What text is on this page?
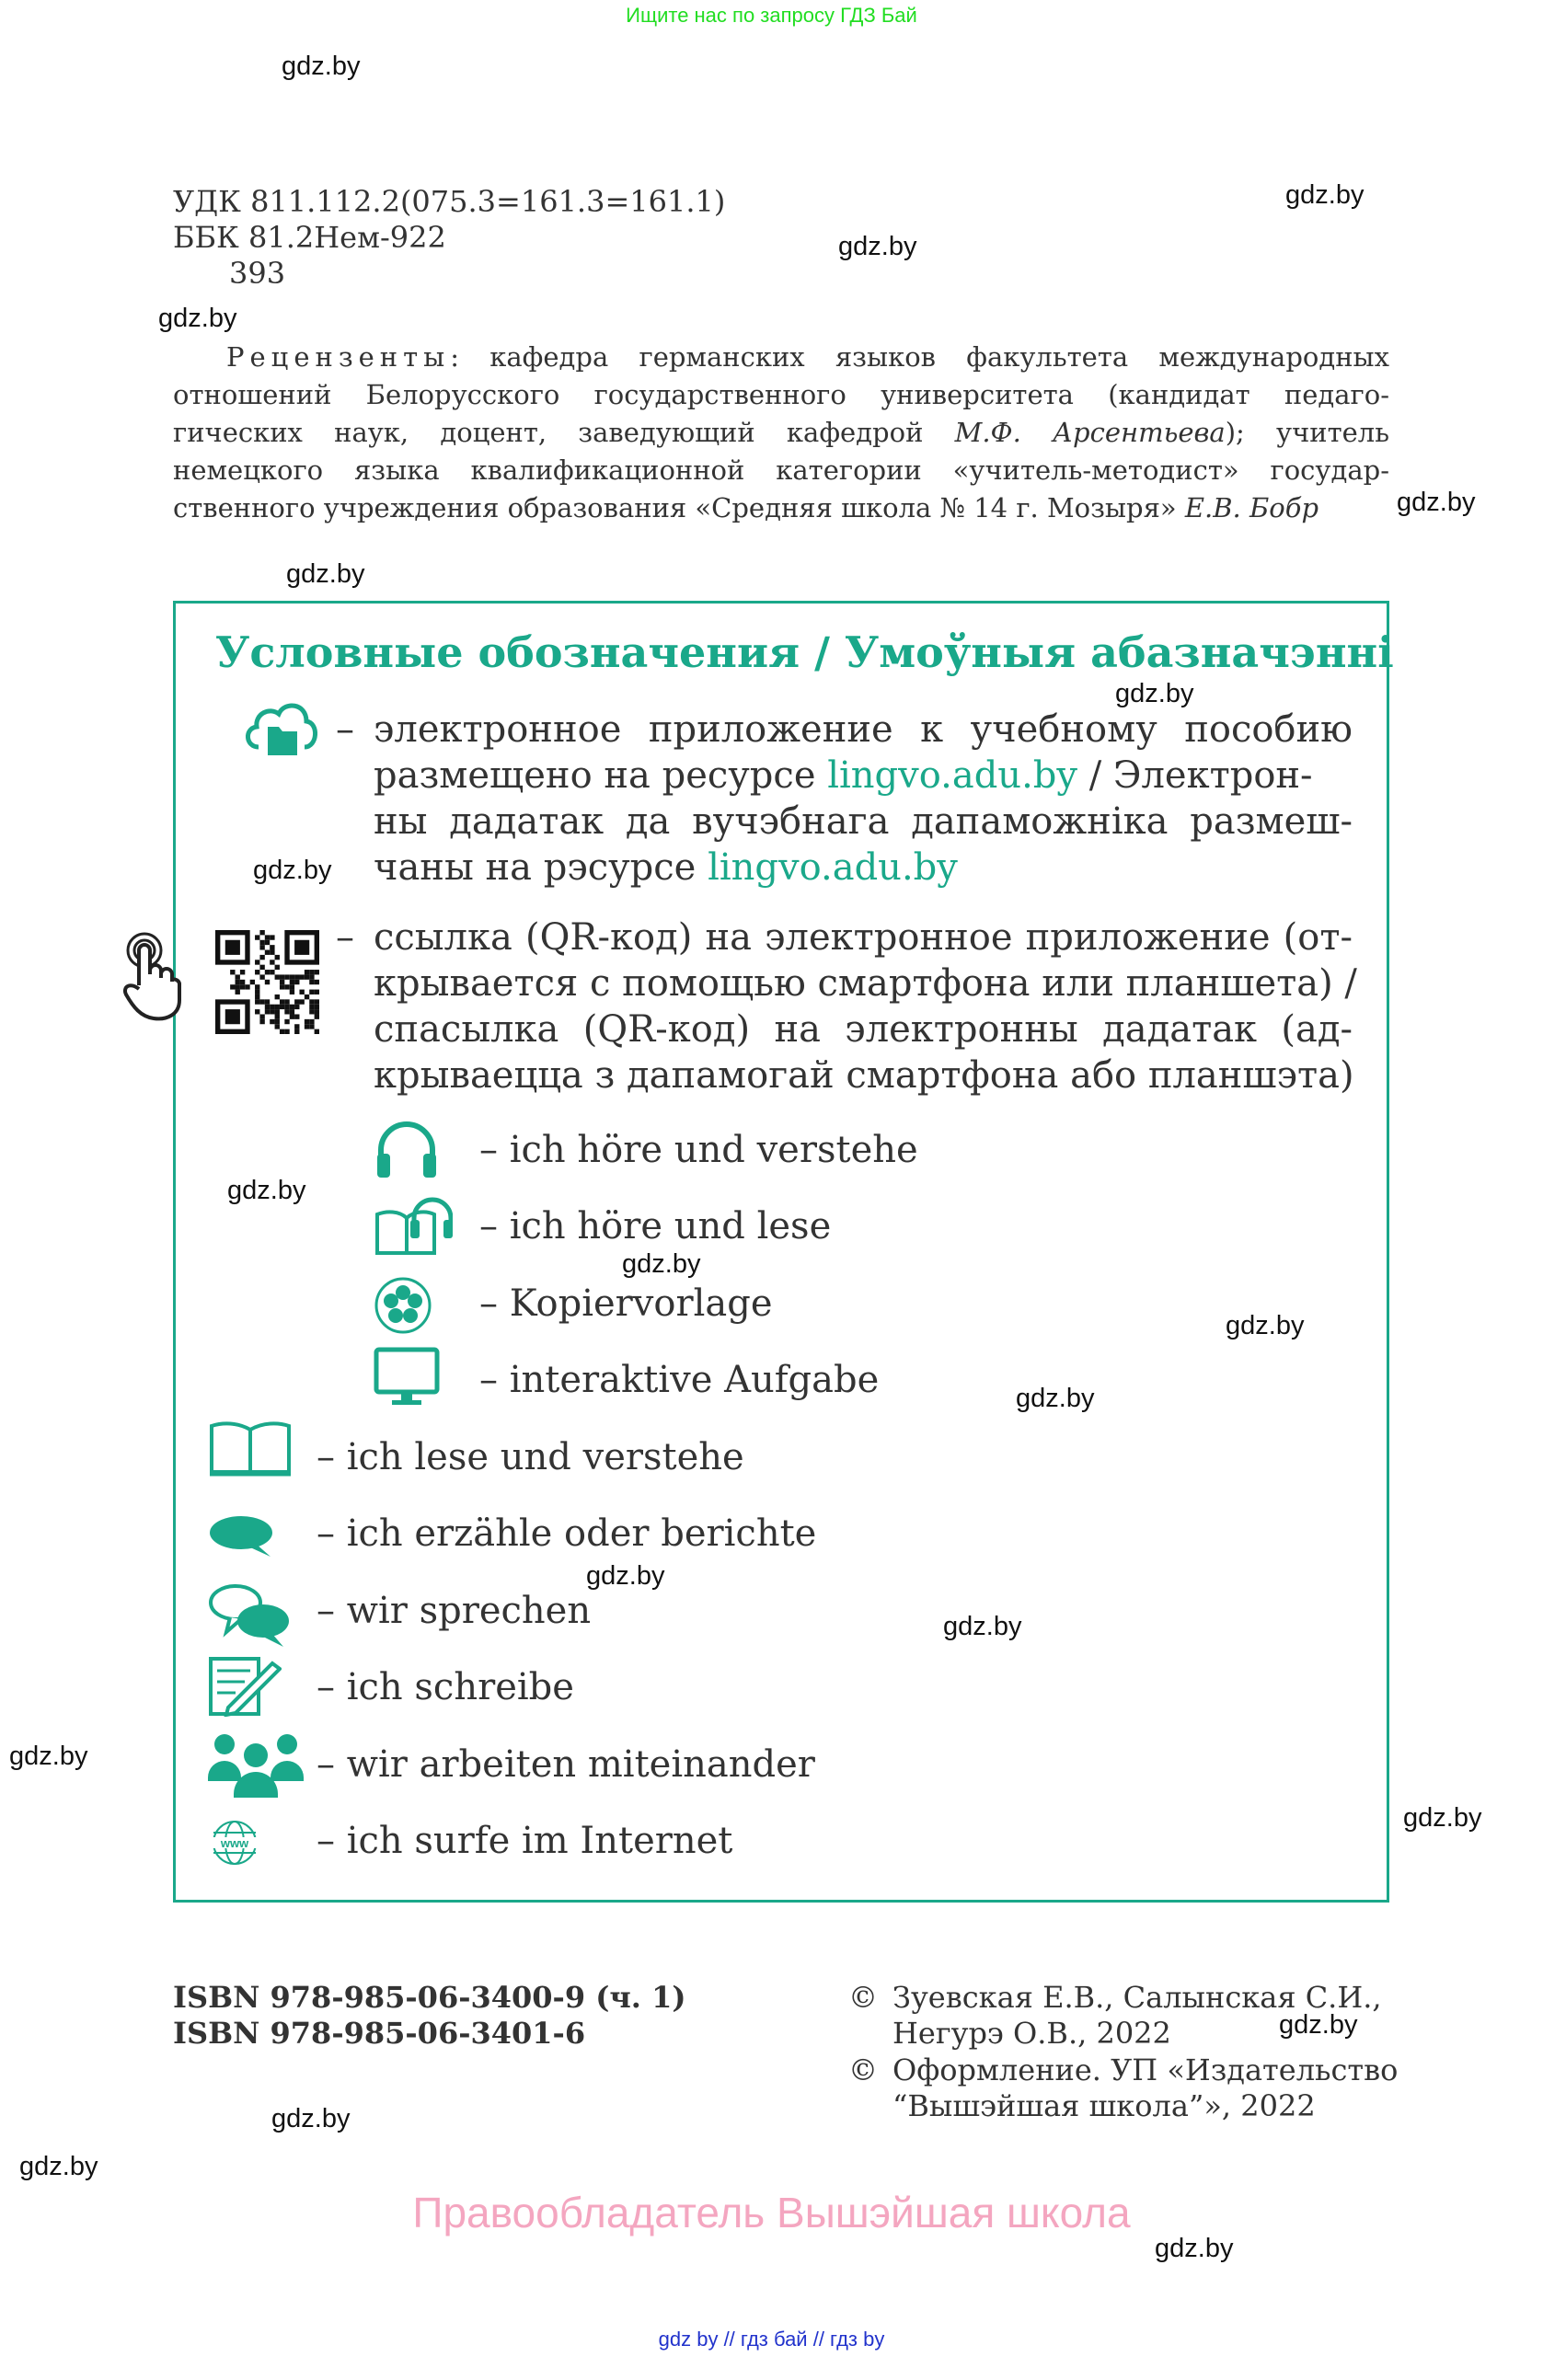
Ищите нас по запросу ГДЗ Бай
gdz.by
gdz.by
gdz.by
gdz.by
gdz.by
gdz.by
gdz.by
gdz.by
gdz.by
gdz.by
gdz.by
gdz.by
gdz.by
gdz.by
gdz.by
gdz.by
gdz.by
gdz.by
gdz.by
gdz.by
УДК 811.112.2(075.3=161.3=161.1)
ББК 81.2Нем-922
393
Рецензенты: кафедра германских языков факультета международных
отношений Белорусского государственного университета (кандидат педаго-
гических наук, доцент, заведующий кафедрой М.Ф. Арсентьева); учитель
немецкого языка квалификационной категории «учитель-методист» государ-
ственного учреждения образования «Средняя школа № 14 г. Мозыря» Е.В. Бобр
Условные обозначения / Умоўныя абазначэнні
– электронное приложение к учебному пособию
размещено на ресурсе lingvo.adu.by / Электрон-
ны дадатак да вучэбнага дапаможніка размеш-
чаны на рэсурсе lingvo.adu.by
– ссылка (QR-код) на электронное приложение (от-
крывается с помощью смартфона или планшета) /
спасылка (QR-код) на электронны дадатак (ад-
крываецца з дапамогай смартфона або планшэта)
– ich höre und verstehe
– ich höre und lese
– Kopiervorlage
– interaktive Aufgabe
– ich lese und verstehe
– ich erzähle oder berichte
– wir sprechen
– ich schreibe
– wir arbeiten miteinander
www – ich surfe im Internet
ISBN 978-985-06-3400-9 (ч. 1)
ISBN 978-985-06-3401-6
© Зуевская Е.В., Салынская С.И.,
Негурэ О.В., 2022
© Оформление. УП «Издательство
“Вышэйшая школа”», 2022
Правообладатель Вышэйшая школа
gdz by // гдз бай // гдз by
